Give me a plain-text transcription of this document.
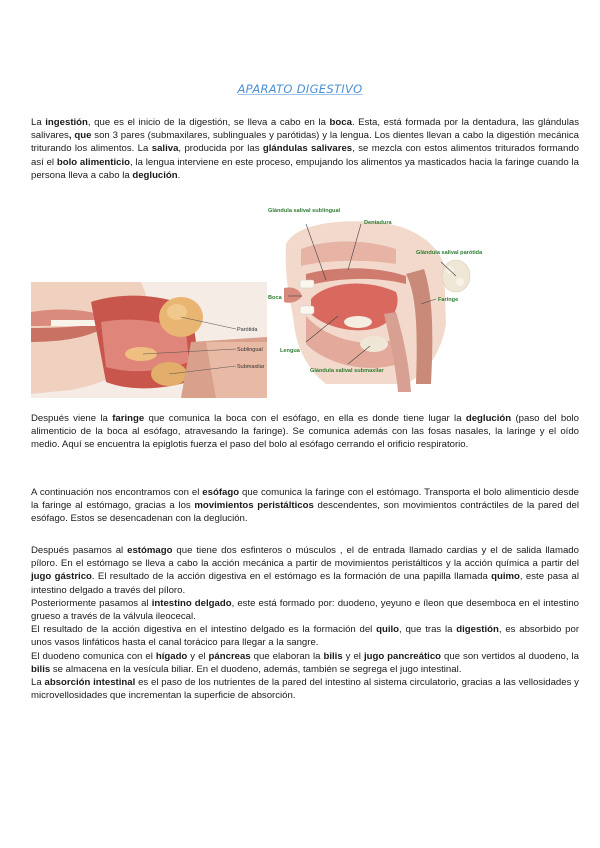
APARATO DIGESTIVO

La ingestión, que es el inicio de la digestión, se lleva a cabo en la boca. Esta, está formada por la dentadura, las glándulas salivares, que son 3 pares (submaxilares, sublinguales y parótidas) y la lengua. Los dientes llevan a cabo la digestión mecánica triturando los alimentos. La saliva, producida por las glándulas salivares, se mezcla con estos alimentos triturados formando así el bolo alimenticio, la lengua interviene en este proceso, empujando los alimentos ya masticados hacia la faringe cuando la persona lleva a cabo la deglución.

Parótida
Sublingual
Submaxilar
Glándula salival sublingual
Dentadura
Glándula salival parótida
Boca	Faringe
Lengua
Glándula salival submaxilar

Después viene la faringe que comunica la boca con el esófago, en ella es donde tiene lugar la deglución (paso del bolo alimenticio de la boca al esófago, atravesando la faringe). Se comunica además con las fosas nasales, la laringe y el oído medio. Aquí se encuentra la epiglotis fuerza el paso del bolo al esófago cerrando el orificio respiratorio.

A continuación nos encontramos con el esófago que comunica la faringe con el estómago. Transporta el bolo alimenticio desde la faringe al estómago, gracias a los movimientos peristálticos descendentes, son movimientos contráctiles de la pared del esófago. Estos se desencadenan con la deglución.

Después pasamos al estómago que tiene dos esfinteros o músculos , el de entrada llamado cardias y el de salida llamado píloro. En el estómago se lleva a cabo la acción mecánica a partir de movimientos peristálticos y la acción química a partir del jugo gástrico. El resultado de la acción digestiva en el estómago es la formación de una papilla llamada quimo, este pasa al intestino delgado a través del píloro.
Posteriormente pasamos al intestino delgado, este está formado por: duodeno, yeyuno e íleon que desemboca en el intestino grueso a través de la válvula ileocecal.
El resultado de la acción digestiva en el intestino delgado es la formación del quilo, que tras la digestión, es absorbido por unos vasos linfáticos hasta el canal torácico para llegar a la sangre.
El duodeno comunica con el hígado y el páncreas que elaboran la bilis y el jugo pancreático que son vertidos al duodeno, la bilis se almacena en la vesícula biliar. En el duodeno, además, también se segrega el jugo intestinal.
La absorción intestinal es el paso de los nutrientes de la pared del intestino al sistema circulatorio, gracias a las vellosidades y microvellosidades que incrementan la superficie de absorción.
